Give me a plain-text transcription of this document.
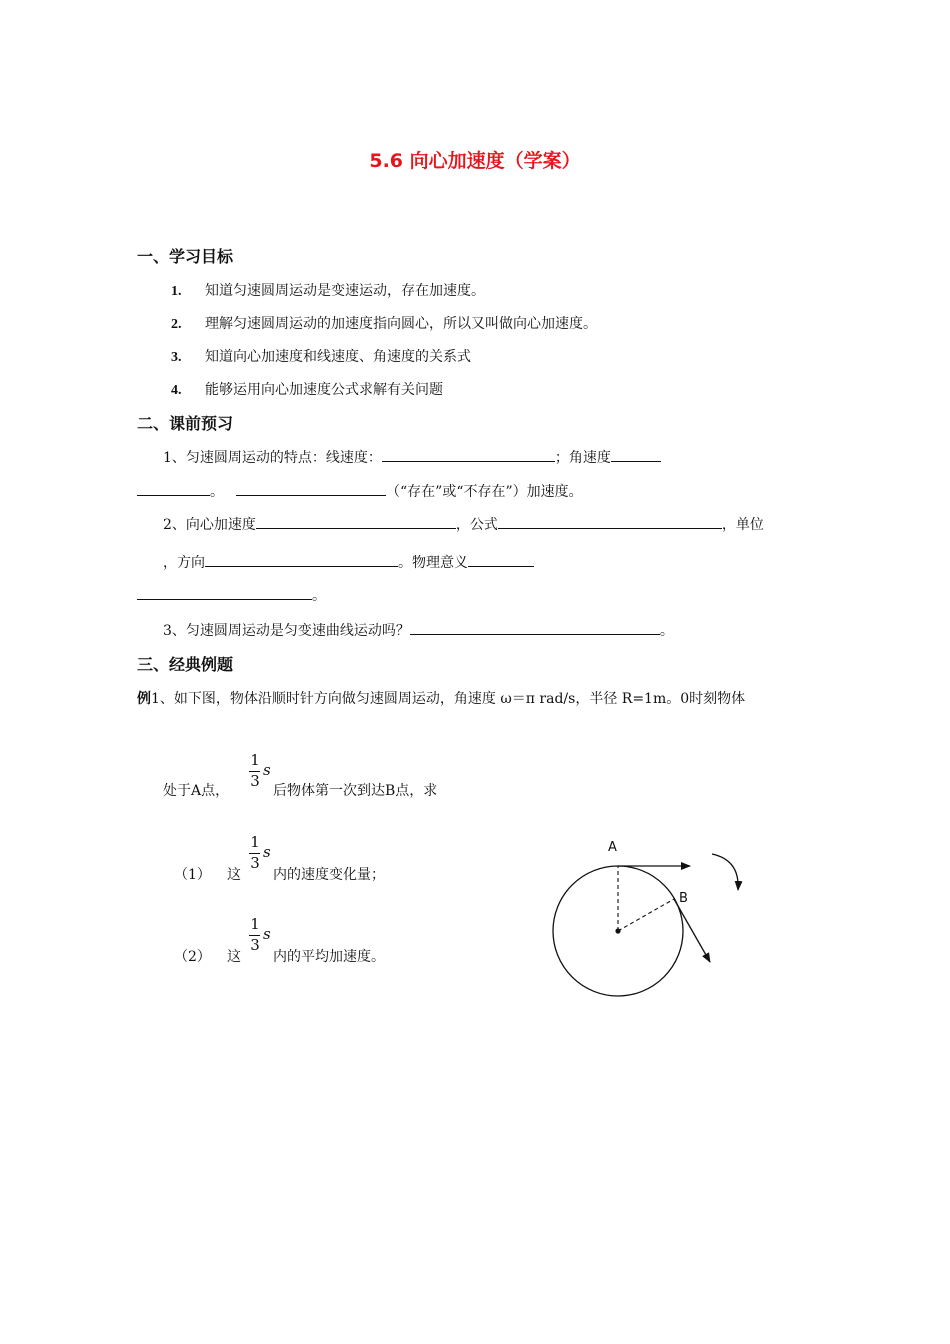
5.6 向心加速度（学案）
一、学习目标
1. 知道匀速圆周运动是变速运动，存在加速度。
2. 理解匀速圆周运动的加速度指向圆心，所以又叫做向心加速度。
3. 知道向心加速度和线速度、角速度的关系式
4. 能够运用向心加速度公式求解有关问题
二、课前预习
1、匀速圆周运动的特点：线速度：	；角速度
。	（“存在”或“不存在”）加速度。
2、向心加速度	，公式	，单位
，方向	。物理意义
。
3、匀速圆周运动是匀变速曲线运动吗？	。
三、经典例题
例1、如下图，物体沿顺时针方向做匀速圆周运动，角速度 ω＝π rad/s，半径 R=1m。0时刻物体
1
3
s
处于A点，	后物体第一次到达B点，求
1
3
s
（1） 这 内的速度变化量；
1
3
s
（2） 这 内的平均加速度。
A
B
